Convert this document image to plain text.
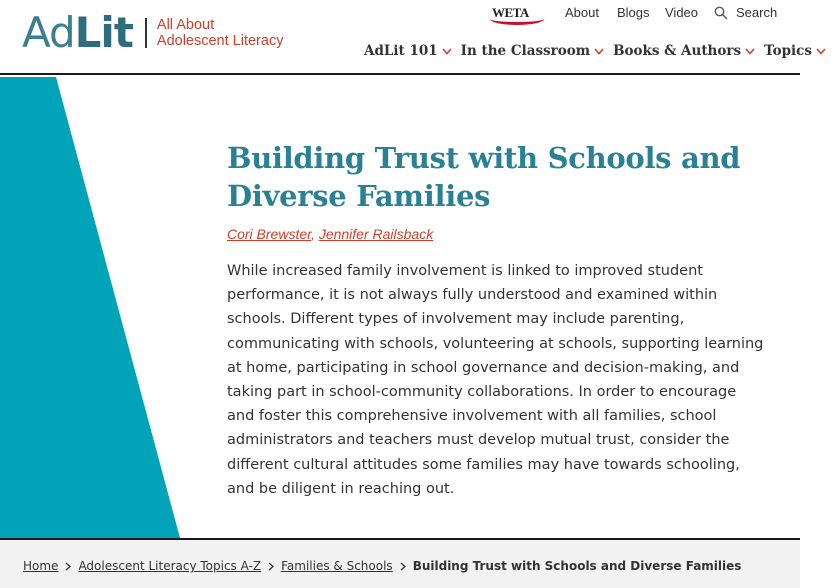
AdLit All About
Adolescent Literacy
WETA	About Blogs Video	Search
AdLit 101 In the Classroom Books & Authors Topics
Building Trust with Schools and Diverse Families
Cori Brewster, Jennifer Railsback

While increased family involvement is linked to improved student performance, it is not always fully understood and examined within schools. Different types of involvement may include parenting, communicating with schools, volunteering at schools, supporting learning at home, participating in school governance and decision-making, and taking part in school-community collaborations. In order to encourage and foster this comprehensive involvement with all families, school administrators and teachers must develop mutual trust, consider the different cultural attitudes some families may have towards schooling, and be diligent in reaching out.

Home Adolescent Literacy Topics A-Z Families & Schools Building Trust with Schools and Diverse Families
